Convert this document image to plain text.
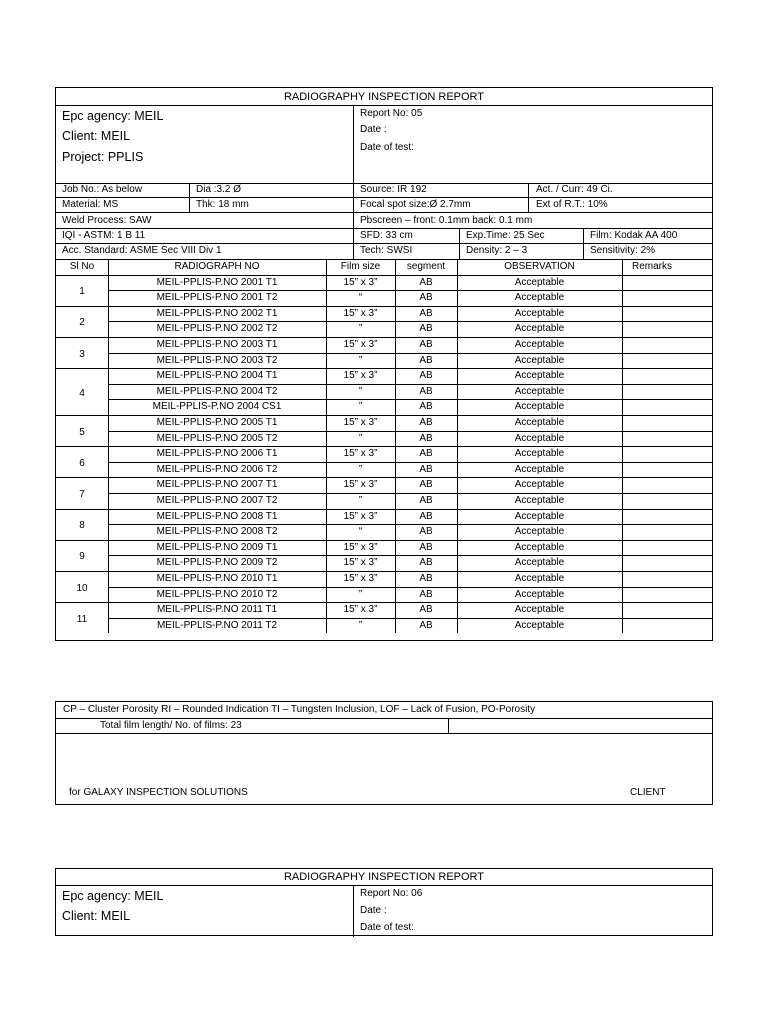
RADIOGRAPHY INSPECTION REPORT
Epc agency: MEIL
Client: MEIL
Project: PPLIS
Report No: 05
Date :
Date of test:
Job No.: As below	Dia :3.2 Ø	Source: IR 192	Act. / Curr: 49 Ci.
Material: MS	Thk: 18 mm	Focal spot size:Ø 2.7mm	Ext of R.T.: 10%
Weld Process: SAW	Pbscreen – front: 0.1mm back: 0.1 mm
IQI - ASTM: 1 B 11	SFD: 33 cm	Exp.Time: 25 Sec	Film: Kodak AA 400
Acc. Standard: ASME Sec VIII Div 1	Tech: SWSI	Density: 2 – 3	Sensitivity: 2%
Sl No	RADIOGRAPH NO	Film size	segment	OBSERVATION	Remarks
1
MEIL-PPLIS-P.NO 2001 T1	15” x 3”	AB	Acceptable
MEIL-PPLIS-P.NO 2001 T2	“	AB	Acceptable
2
MEIL-PPLIS-P.NO 2002 T1	15” x 3”	AB	Acceptable
MEIL-PPLIS-P.NO 2002 T2	”	AB	Acceptable
3
MEIL-PPLIS-P.NO 2003 T1	15” x 3”	AB	Acceptable
MEIL-PPLIS-P.NO 2003 T2	”	AB	Acceptable
4
MEIL-PPLIS-P.NO 2004 T1	15” x 3”	AB	Acceptable
MEIL-PPLIS-P.NO 2004 T2	”	AB	Acceptable
MEIL-PPLIS-P.NO 2004 CS1	”	AB	Acceptable
5
MEIL-PPLIS-P.NO 2005 T1	15” x 3”	AB	Acceptable
MEIL-PPLIS-P.NO 2005 T2	”	AB	Acceptable
6
MEIL-PPLIS-P.NO 2006 T1	15” x 3”	AB	Acceptable
MEIL-PPLIS-P.NO 2006 T2	”	AB	Acceptable
7
MEIL-PPLIS-P.NO 2007 T1	15” x 3”	AB	Acceptable
MEIL-PPLIS-P.NO 2007 T2	”	AB	Acceptable
8
MEIL-PPLIS-P.NO 2008 T1	15” x 3”	AB	Acceptable
MEIL-PPLIS-P.NO 2008 T2	“	AB	Acceptable
9
MEIL-PPLIS-P.NO 2009 T1	15” x 3”	AB	Acceptable
MEIL-PPLIS-P.NO 2009 T2	15” x 3”	AB	Acceptable
10
MEIL-PPLIS-P.NO 2010 T1	15” x 3”	AB	Acceptable
MEIL-PPLIS-P.NO 2010 T2	”	AB	Acceptable
11
MEIL-PPLIS-P.NO 2011 T1	15” x 3”	AB	Acceptable
MEIL-PPLIS-P.NO 2011 T2	”	AB	Acceptable
CP – Cluster Porosity RI – Rounded Indication TI – Tungsten Inclusion, LOF – Lack of Fusion, PO-Porosity
Total film length/ No. of films: 23
for GALAXY INSPECTION SOLUTIONS	CLIENT
RADIOGRAPHY INSPECTION REPORT
Epc agency: MEIL
Client: MEIL
Report No: 06
Date :
Date of test:
